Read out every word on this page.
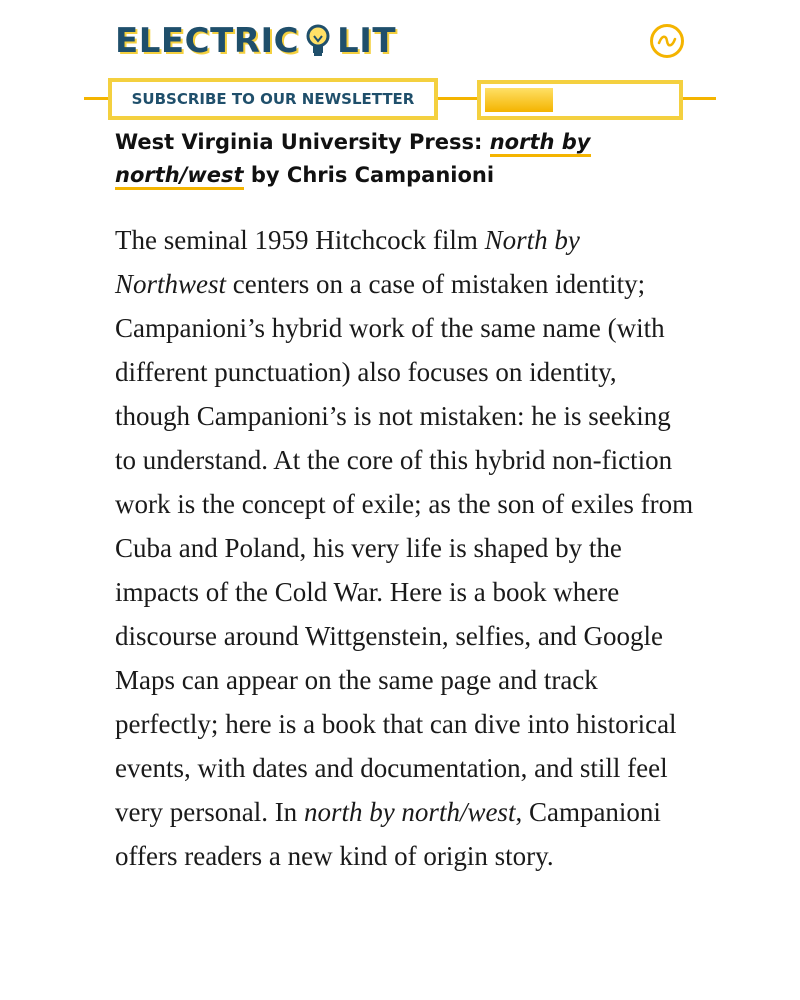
ELECTRIC LIT
SUBSCRIBE TO OUR NEWSLETTER
West Virginia University Press: north by north/west by Chris Campanioni
The seminal 1959 Hitchcock film North by Northwest centers on a case of mistaken identity; Campanioni’s hybrid work of the same name (with different punctuation) also focuses on identity, though Campanioni’s is not mistaken: he is seeking to understand. At the core of this hybrid non-fiction work is the concept of exile; as the son of exiles from Cuba and Poland, his very life is shaped by the impacts of the Cold War. Here is a book where discourse around Wittgenstein, selfies, and Google Maps can appear on the same page and track perfectly; here is a book that can dive into historical events, with dates and documentation, and still feel very personal. In north by north/west, Campanioni offers readers a new kind of origin story.
